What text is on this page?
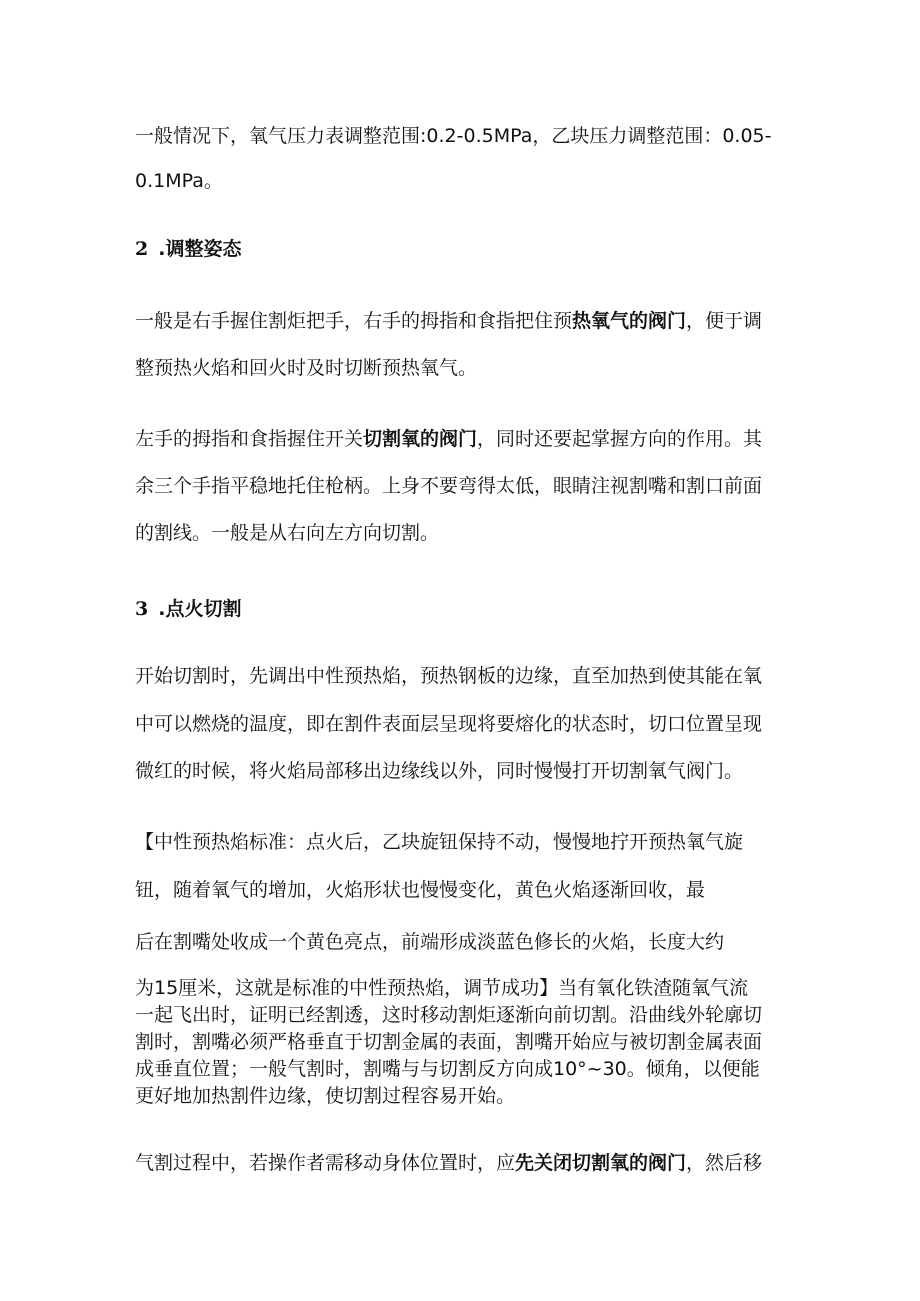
一般情况下，氧气压力表调整范围:0.2-0.5MPa，乙块压力调整范围：0.05-
0.1MPa。
2 .调整姿态
一般是右手握住割炬把手，右手的拇指和食指把住预热氧气的阀门，便于调
整预热火焰和回火时及时切断预热氧气。
左手的拇指和食指握住开关切割氧的阀门，同时还要起掌握方向的作用。其
余三个手指平稳地托住枪柄。上身不要弯得太低，眼睛注视割嘴和割口前面
的割线。一般是从右向左方向切割。
3 .点火切割
开始切割时，先调出中性预热焰，预热钢板的边缘，直至加热到使其能在氧
中可以燃烧的温度，即在割件表面层呈现将要熔化的状态时，切口位置呈现
微红的时候，将火焰局部移出边缘线以外，同时慢慢打开切割氧气阀门。
【中性预热焰标准：点火后，乙块旋钮保持不动，慢慢地拧开预热氧气旋
钮，随着氧气的增加，火焰形状也慢慢变化，黄色火焰逐渐回收，最
后在割嘴处收成一个黄色亮点，前端形成淡蓝色修长的火焰，长度大约
为15厘米，这就是标准的中性预热焰，调节成功】当有氧化铁渣随氧气流
一起飞出时，证明已经割透，这时移动割炬逐渐向前切割。沿曲线外轮廓切
割时，割嘴必须严格垂直于切割金属的表面，割嘴开始应与被切割金属表面
成垂直位置；一般气割时，割嘴与与切割反方向成10°~30。倾角，以便能
更好地加热割件边缘，使切割过程容易开始。
气割过程中，若操作者需移动身体位置时，应先关闭切割氧的阀门，然后移
